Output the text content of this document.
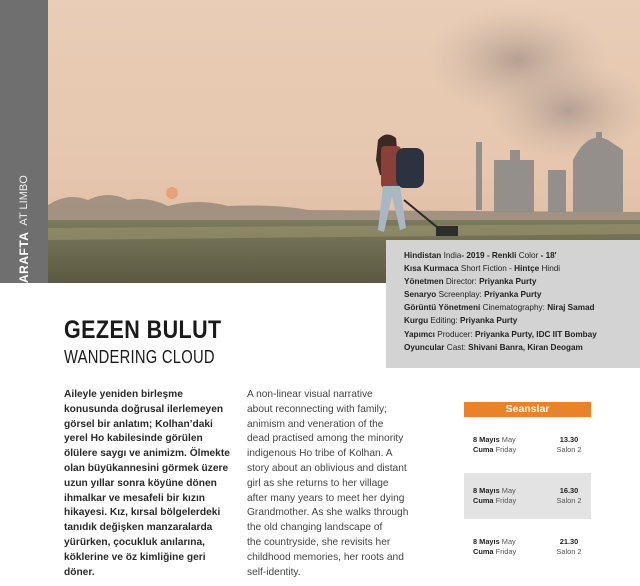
ARAFTA
AT LIMBO
Hindistan India- 2019 - Renkli Color - 18'
Kısa Kurmaca Short Fiction - Hintçe Hindi
Yönetmen Director: Priyanka Purty
Senaryo Screenplay: Priyanka Purty
Görüntü Yönetmeni Cinematography: Niraj Samad
Kurgu Editing: Priyanka Purty
Yapımcı Producer: Priyanka Purty, IDC IIT Bombay
Oyuncular Cast: Shivani Banra, Kiran Deogam
GEZEN BULUT
WANDERING CLOUD
Aileyle yeniden birleşme
konusunda doğrusal ilerlemeyen
görsel bir anlatım; Kolhan’daki
yerel Ho kabilesinde görülen
ölülere saygı ve animizm. Ölmekte
olan büyükannesini görmek üzere
uzun yıllar sonra köyüne dönen
ihmalkar ve mesafeli bir kızın
hikayesi. Kız, kırsal bölgelerdeki
tanıdık değişken manzaralarda
yürürken, çocukluk anılarına,
köklerine ve öz kimliğine geri
döner.
A non-linear visual narrative
about reconnecting with family;
animism and veneration of the
dead practised among the minority
indigenous Ho tribe of Kolhan. A
story about an oblivious and distant
girl as she returns to her village
after many years to meet her dying
Grandmother. As she walks through
the old changing landscape of
the countryside, she revisits her
childhood memories, her roots and
self-identity.
Seanslar
8 Mayıs May
Cuma Friday
13.30
Salon 2
8 Mayıs May
Cuma Friday
16.30
Salon 2
8 Mayıs May
Cuma Friday
21.30
Salon 2
